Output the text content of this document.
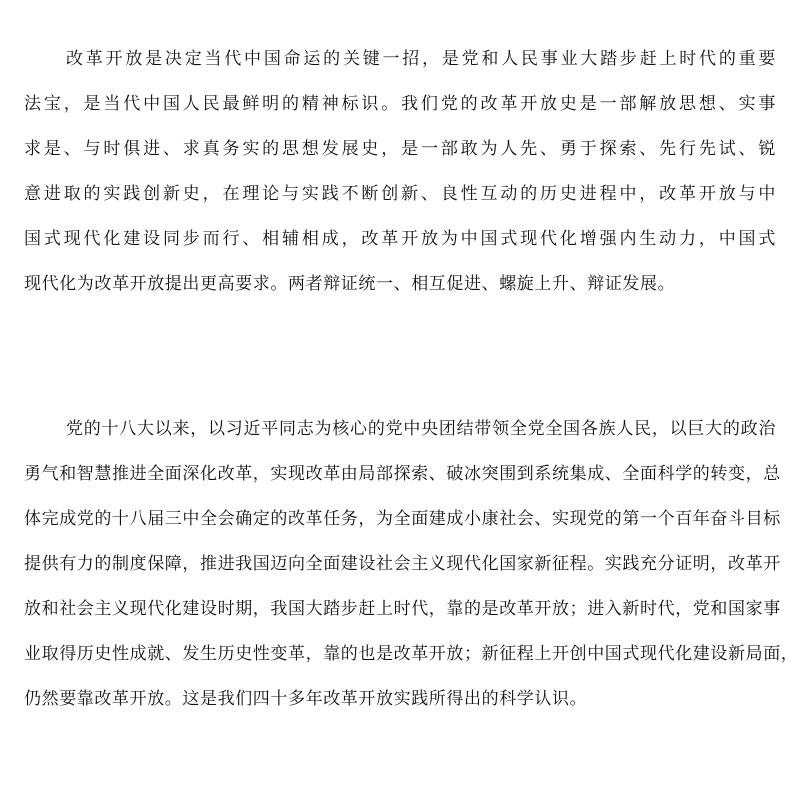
改革开放是决定当代中国命运的关键一招，是党和人民事业大踏步赶上时代的重要
法宝，是当代中国人民最鲜明的精神标识。我们党的改革开放史是一部解放思想、实事
求是、与时俱进、求真务实的思想发展史，是一部敢为人先、勇于探索、先行先试、锐
意进取的实践创新史，在理论与实践不断创新、良性互动的历史进程中，改革开放与中
国式现代化建设同步而行、相辅相成，改革开放为中国式现代化增强内生动力，中国式
现代化为改革开放提出更高要求。两者辩证统一、相互促进、螺旋上升、辩证发展。
党的十八大以来，以习近平同志为核心的党中央团结带领全党全国各族人民，以巨大的政治
勇气和智慧推进全面深化改革，实现改革由局部探索、破冰突围到系统集成、全面科学的转变，总
体完成党的十八届三中全会确定的改革任务，为全面建成小康社会、实现党的第一个百年奋斗目标
提供有力的制度保障，推进我国迈向全面建设社会主义现代化国家新征程。实践充分证明，改革开
放和社会主义现代化建设时期，我国大踏步赶上时代，靠的是改革开放；进入新时代，党和国家事
业取得历史性成就、发生历史性变革，靠的也是改革开放；新征程上开创中国式现代化建设新局面，
仍然要靠改革开放。这是我们四十多年改革开放实践所得出的科学认识。
